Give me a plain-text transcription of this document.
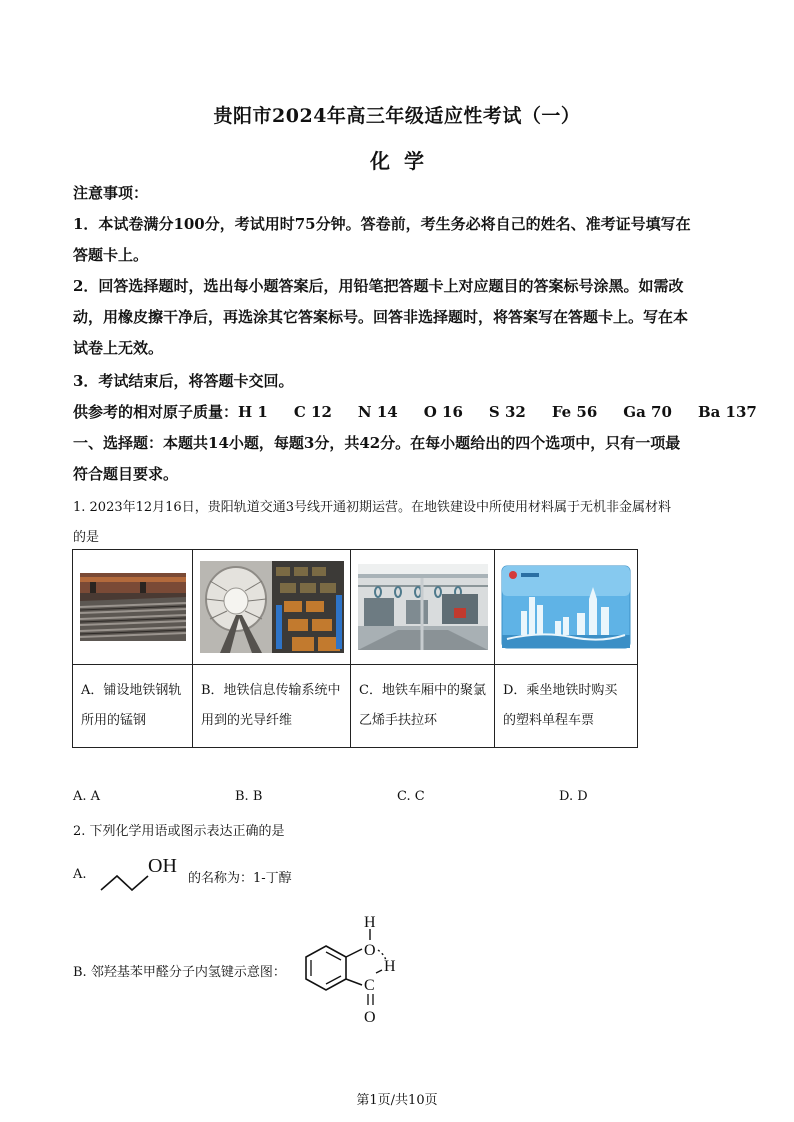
贵阳市2024年高三年级适应性考试（一）
化学
注意事项：
1．本试卷满分100分，考试用时75分钟。答卷前，考生务必将自己的姓名、准考证号填写在
答题卡上。
2．回答选择题时，选出每小题答案后，用铅笔把答题卡上对应题目的答案标号涂黑。如需改
动，用橡皮擦干净后，再选涂其它答案标号。回答非选择题时，将答案写在答题卡上。写在本
试卷上无效。
3．考试结束后，将答题卡交回。
供参考的相对原子质量：H 1 C 12 N 14 O 16 S 32 Fe 56 Ga 70 Ba 137
一、选择题：本题共14小题，每题3分，共42分。在每小题给出的四个选项中，只有一项最
符合题目要求。
1. 2023年12月16日，贵阳轨道交通3号线开通初期运营。在地铁建设中所使用材料属于无机非金属材料
的是

A．铺设地铁钢轨所用的锰钢	B．地铁信息传输系统中用到的光导纤维	C．地铁车厢中的聚氯乙烯手扶拉环	D．乘坐地铁时购买的塑料单程车票
A. A	B. B	C. C	D. D
2. 下列化学用语或图示表达正确的是
A.	OH
的名称为：1-丁醇
B. 邻羟基苯甲醛分子内氢键示意图：
O
H
H
C
O
第1页/共10页
